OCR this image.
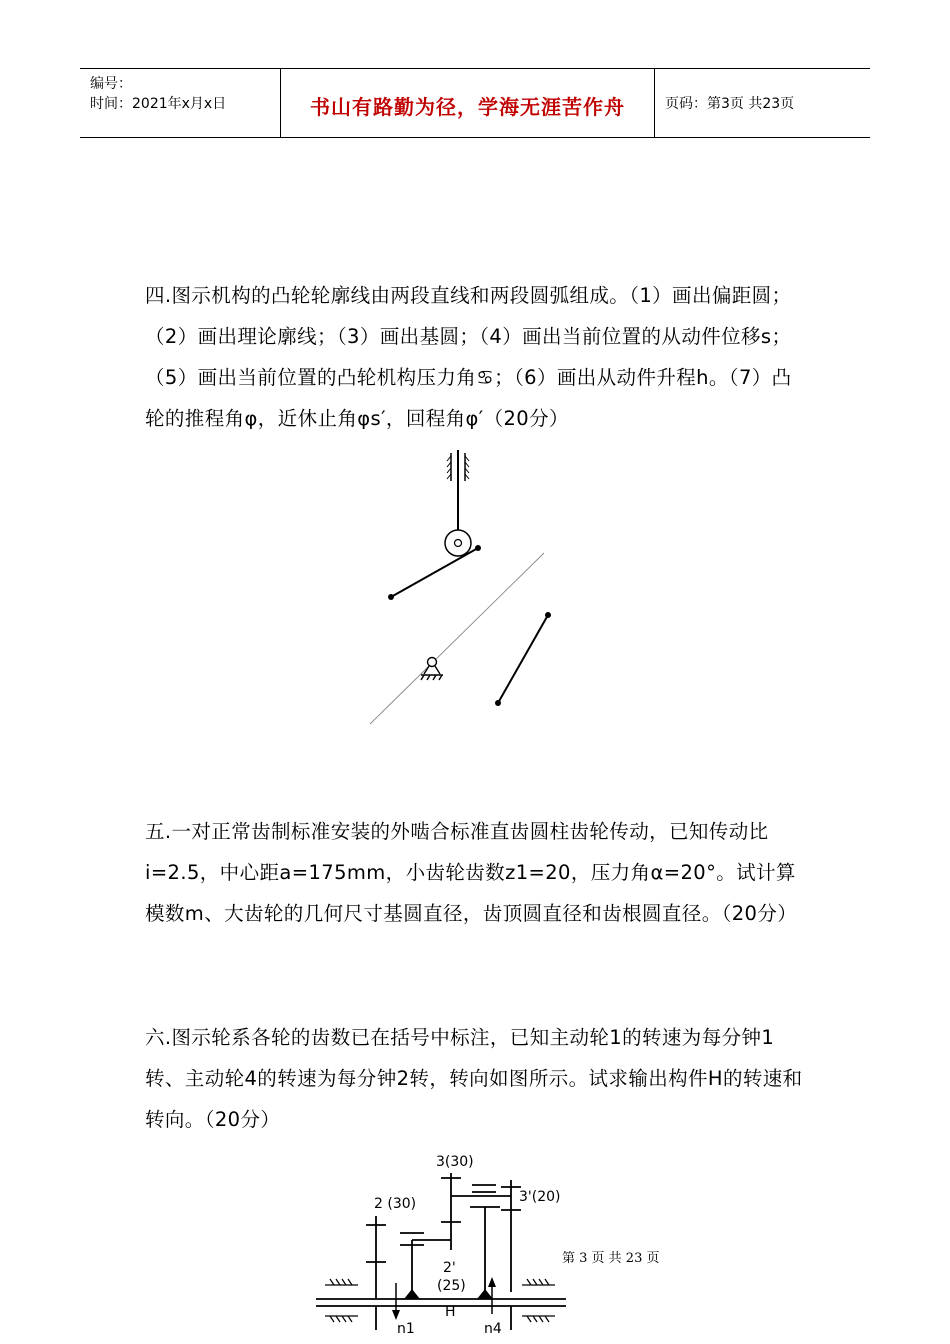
编号：
时间：2021年x月x日	书山有路勤为径，学海无涯苦作舟	页码：第3页 共23页

四.图示机构的凸轮轮廓线由两段直线和两段圆弧组成。（1）画出偏距圆；（2）画出理论廓线；（3）画出基圆；（4）画出当前位置的从动件位移s；（5）画出当前位置的凸轮机构压力角♋；（6）画出从动件升程h。（7）凸轮的推程角φ，近休止角φs′，回程角φ′（20分）

3(30)
3'(20)
2 (30)
2'
(25)
H
n1	n4

五.一对正常齿制标准安装的外啮合标准直齿圆柱齿轮传动，已知传动比i=2.5，中心距a=175mm，小齿轮齿数z1=20，压力角α=20°。试计算模数m、大齿轮的几何尺寸基圆直径，齿顶圆直径和齿根圆直径。（20分）

六.图示轮系各轮的齿数已在括号中标注，已知主动轮1的转速为每分钟1转、主动轮4的转速为每分钟2转，转向如图所示。试求输出构件H的转速和转向。（20分）

第 3 页 共 23 页
